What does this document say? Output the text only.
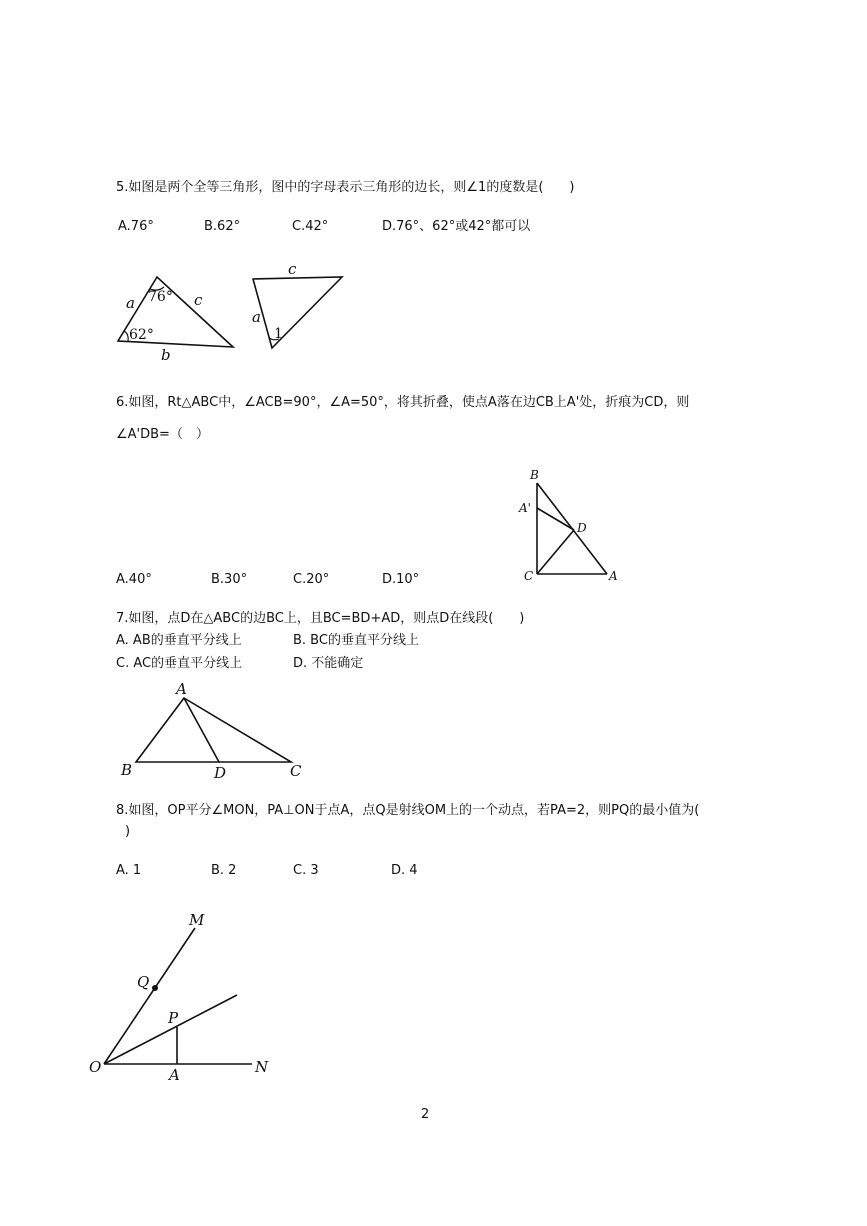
5.如图是两个全等三角形，图中的字母表示三角形的边长，则∠1的度数是(　　)
A.76°	B.62°	C.42°	D.76°、62°或42°都可以
a 76° c
62°
b
c
a
1
6.如图，Rt△ABC中，∠ACB=90°，∠A=50°，将其折叠，使点A落在边CB上A'处，折痕为CD，则
∠A'DB=（　）
A.40°	B.30°	C.20°	D.10°
B
A'
D
C	A
7.如图，点D在△ABC的边BC上，且BC=BD+AD，则点D在线段(　　)
A. AB的垂直平分线上	B. BC的垂直平分线上
C. AC的垂直平分线上	D. 不能确定
A
B	D	C
8.如图，OP平分∠MON，PA⊥ON于点A，点Q是射线OM上的一个动点，若PA=2，则PQ的最小值为(
)
A. 1	B. 2	C. 3	D. 4
M
Q
P
O	A	N
2
